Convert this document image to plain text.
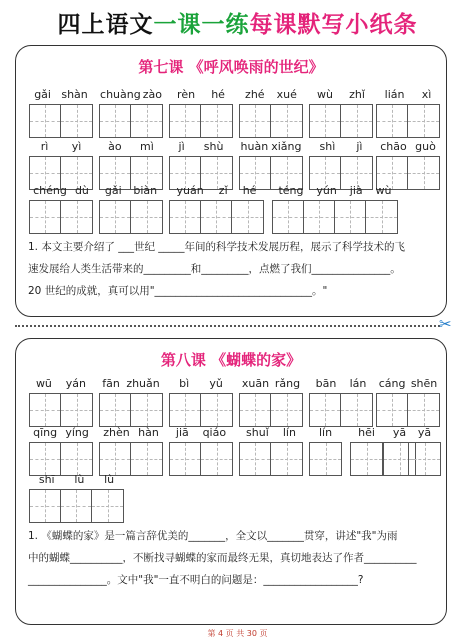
四上语文一课一练每课默写小纸条
第七课 《呼风唤雨的世纪》
gǎi shàn chuàng zào rèn hé zhé xué wù zhǐ lián xì
rì yì ào mì jì shù huàn xiǎng shì jì chāo guò
chéng dù gǎi biàn yuán zǐ hé téng yún jià wù
1. 本文主要介绍了 ___世纪 _____年间的科学技术发展历程，展示了科学技术的飞
速发展给人类生活带来的_________和_________，点燃了我们_______________。
20 世纪的成就，真可以用"______________________________。"
✂
第八课 《蝴蝶的家》
wū yán fān zhuǎn bì yǔ xuān rǎng bān lán cáng shēn
qīng yíng zhèn hàn jiā qiáo shuǐ lín lín hēi yā yā
shī lù lù
1. 《蝴蝶的家》是一篇言辞优美的_______，全文以_______贯穿，讲述"我"为雨
中的蝴蝶__________，不断找寻蝴蝶的家而最终无果，真切地表达了作者__________
_______________。文中"我"一直不明白的问题是：__________________?
第 4 页 共 30 页
